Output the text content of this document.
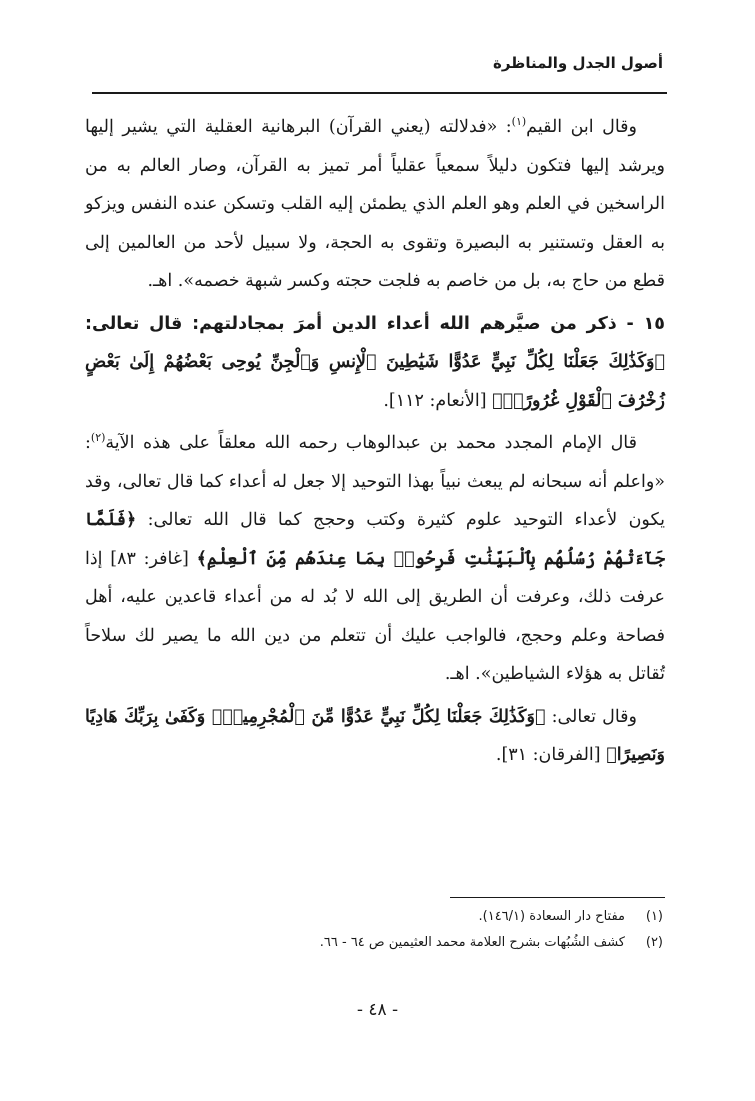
أصول الجدل والمناظرة

وقال ابن القيم$^{(١)}$: «فدلالته (يعني القرآن) البرهانية العقلية التي يشير إليها ويرشد إليها فتكون دليلاً سمعياً عقلياً أمر تميز به القرآن، وصار العالم به من الراسخين في العلم وهو العلم الذي يطمئن إليه القلب وتسكن عنده النفس ويزكو به العقل وتستنير به البصيرة وتقوى به الحجة، ولا سبيل لأحد من العالمين إلى قطع من حاج به، بل من خاصم به فلجت حجته وكسر شبهة خصمه». اهـ.

١٥ - ذكر من صيَّرهم الله أعداء الدين أمرَ بمجادلتهم: قال تعالى: ﴿وَكَذَٰلِكَ جَعَلْنَا لِكُلِّ نَبِيٍّ عَدُوًّا شَيَٰطِينَ ٱلْإِنسِ وَٱلْجِنِّ يُوحِى بَعْضُهُمْ إِلَىٰ بَعْضٍ زُخْرُفَ ٱلْقَوْلِ غُرُورًاۚ﴾ [الأنعام: ١١٢].

قال الإمام المجدد محمد بن عبدالوهاب رحمه الله معلقاً على هذه الآية$^{(٢)}$: «واعلم أنه سبحانه لم يبعث نبياً بهذا التوحيد إلا جعل له أعداء كما قال تعالى، وقد يكون لأعداء التوحيد علوم كثيرة وكتب وحجج كما قال الله تعالى: ﴿فَلَمَّا جَآءَتْهُمْ رُسُلُهُم بِٱلْبَيِّنَٰتِ فَرِحُوا۟ بِمَا عِندَهُم مِّنَ ٱلْعِلْمِ﴾ [غافر: ٨٣] إذا عرفت ذلك، وعرفت أن الطريق إلى الله لا بُد له من أعداء قاعدين عليه، أهل فصاحة وعلم وحجج، فالواجب عليك أن تتعلم من دين الله ما يصير لك سلاحاً تُقاتل به هؤلاء الشياطين». اهـ.

وقال تعالى: ﴿وَكَذَٰلِكَ جَعَلْنَا لِكُلِّ نَبِيٍّ عَدُوًّا مِّنَ ٱلْمُجْرِمِينَۗ وَكَفَىٰ بِرَبِّكَ هَادِيًا وَنَصِيرًا﴾ [الفرقان: ٣١].

(١)مفتاح دار السعادة (١٤٦/١).
(٢)كشف الشُبُهات بشرح العلامة محمد العثيمين ص ٦٤ - ٦٦.
- ٤٨ -
